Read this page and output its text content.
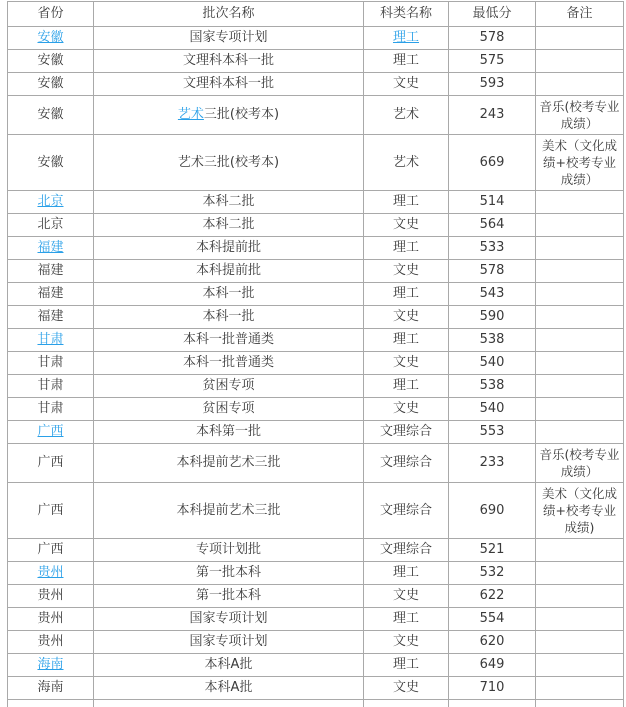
省份	批次名称	科类名称	最低分	备注
安徽	国家专项计划	理工	578	
安徽	文理科本科一批	理工	575	
安徽	文理科本科一批	文史	593	
安徽	艺术三批(校考本)	艺术	243	音乐(校考专业成绩）
安徽	艺术三批(校考本)	艺术	669	美术（文化成绩+校考专业成绩）
北京	本科二批	理工	514	
北京	本科二批	文史	564	
福建	本科提前批	理工	533	
福建	本科提前批	文史	578	
福建	本科一批	理工	543	
福建	本科一批	文史	590	
甘肃	本科一批普通类	理工	538	
甘肃	本科一批普通类	文史	540	
甘肃	贫困专项	理工	538	
甘肃	贫困专项	文史	540	
广西	本科第一批	文理综合	553	
广西	本科提前艺术三批	文理综合	233	音乐(校考专业成绩）
广西	本科提前艺术三批	文理综合	690	美术（文化成绩+校考专业成绩)
广西	专项计划批	文理综合	521	
贵州	第一批本科	理工	532	
贵州	第一批本科	文史	622	
贵州	国家专项计划	理工	554	
贵州	国家专项计划	文史	620	
海南	本科A批	理工	649	
海南	本科A批	文史	710	
